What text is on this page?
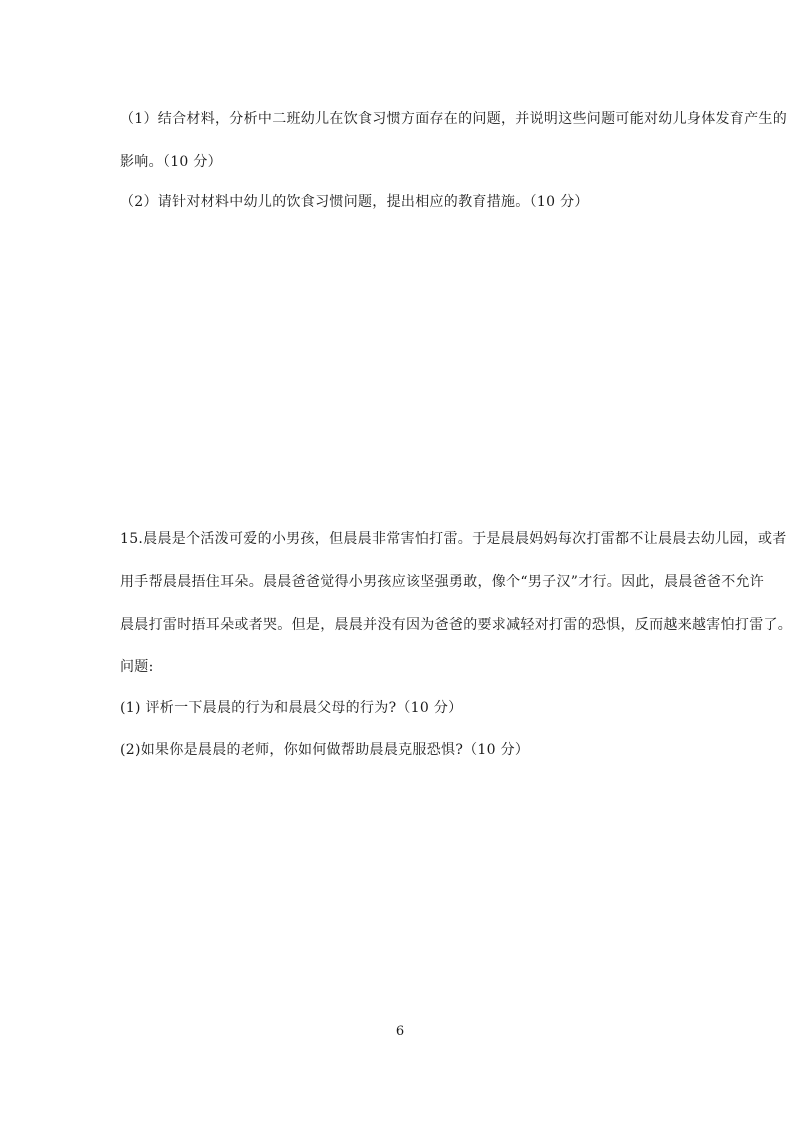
（1）结合材料，分析中二班幼儿在饮食习惯方面存在的问题，并说明这些问题可能对幼儿身体发育产生的
影响。（10 分）
（2）请针对材料中幼儿的饮食习惯问题，提出相应的教育措施。（10 分）
15.晨晨是个活泼可爱的小男孩，但晨晨非常害怕打雷。于是晨晨妈妈每次打雷都不让晨晨去幼儿园，或者
用手帮晨晨捂住耳朵。晨晨爸爸觉得小男孩应该坚强勇敢，像个“男子汉”才行。因此，晨晨爸爸不允许
晨晨打雷时捂耳朵或者哭。但是，晨晨并没有因为爸爸的要求减轻对打雷的恐惧，反而越来越害怕打雷了。
问题:
(1) 评析一下晨晨的行为和晨晨父母的行为?（10 分）
(2)如果你是晨晨的老师，你如何做帮助晨晨克服恐惧?（10 分）
6
